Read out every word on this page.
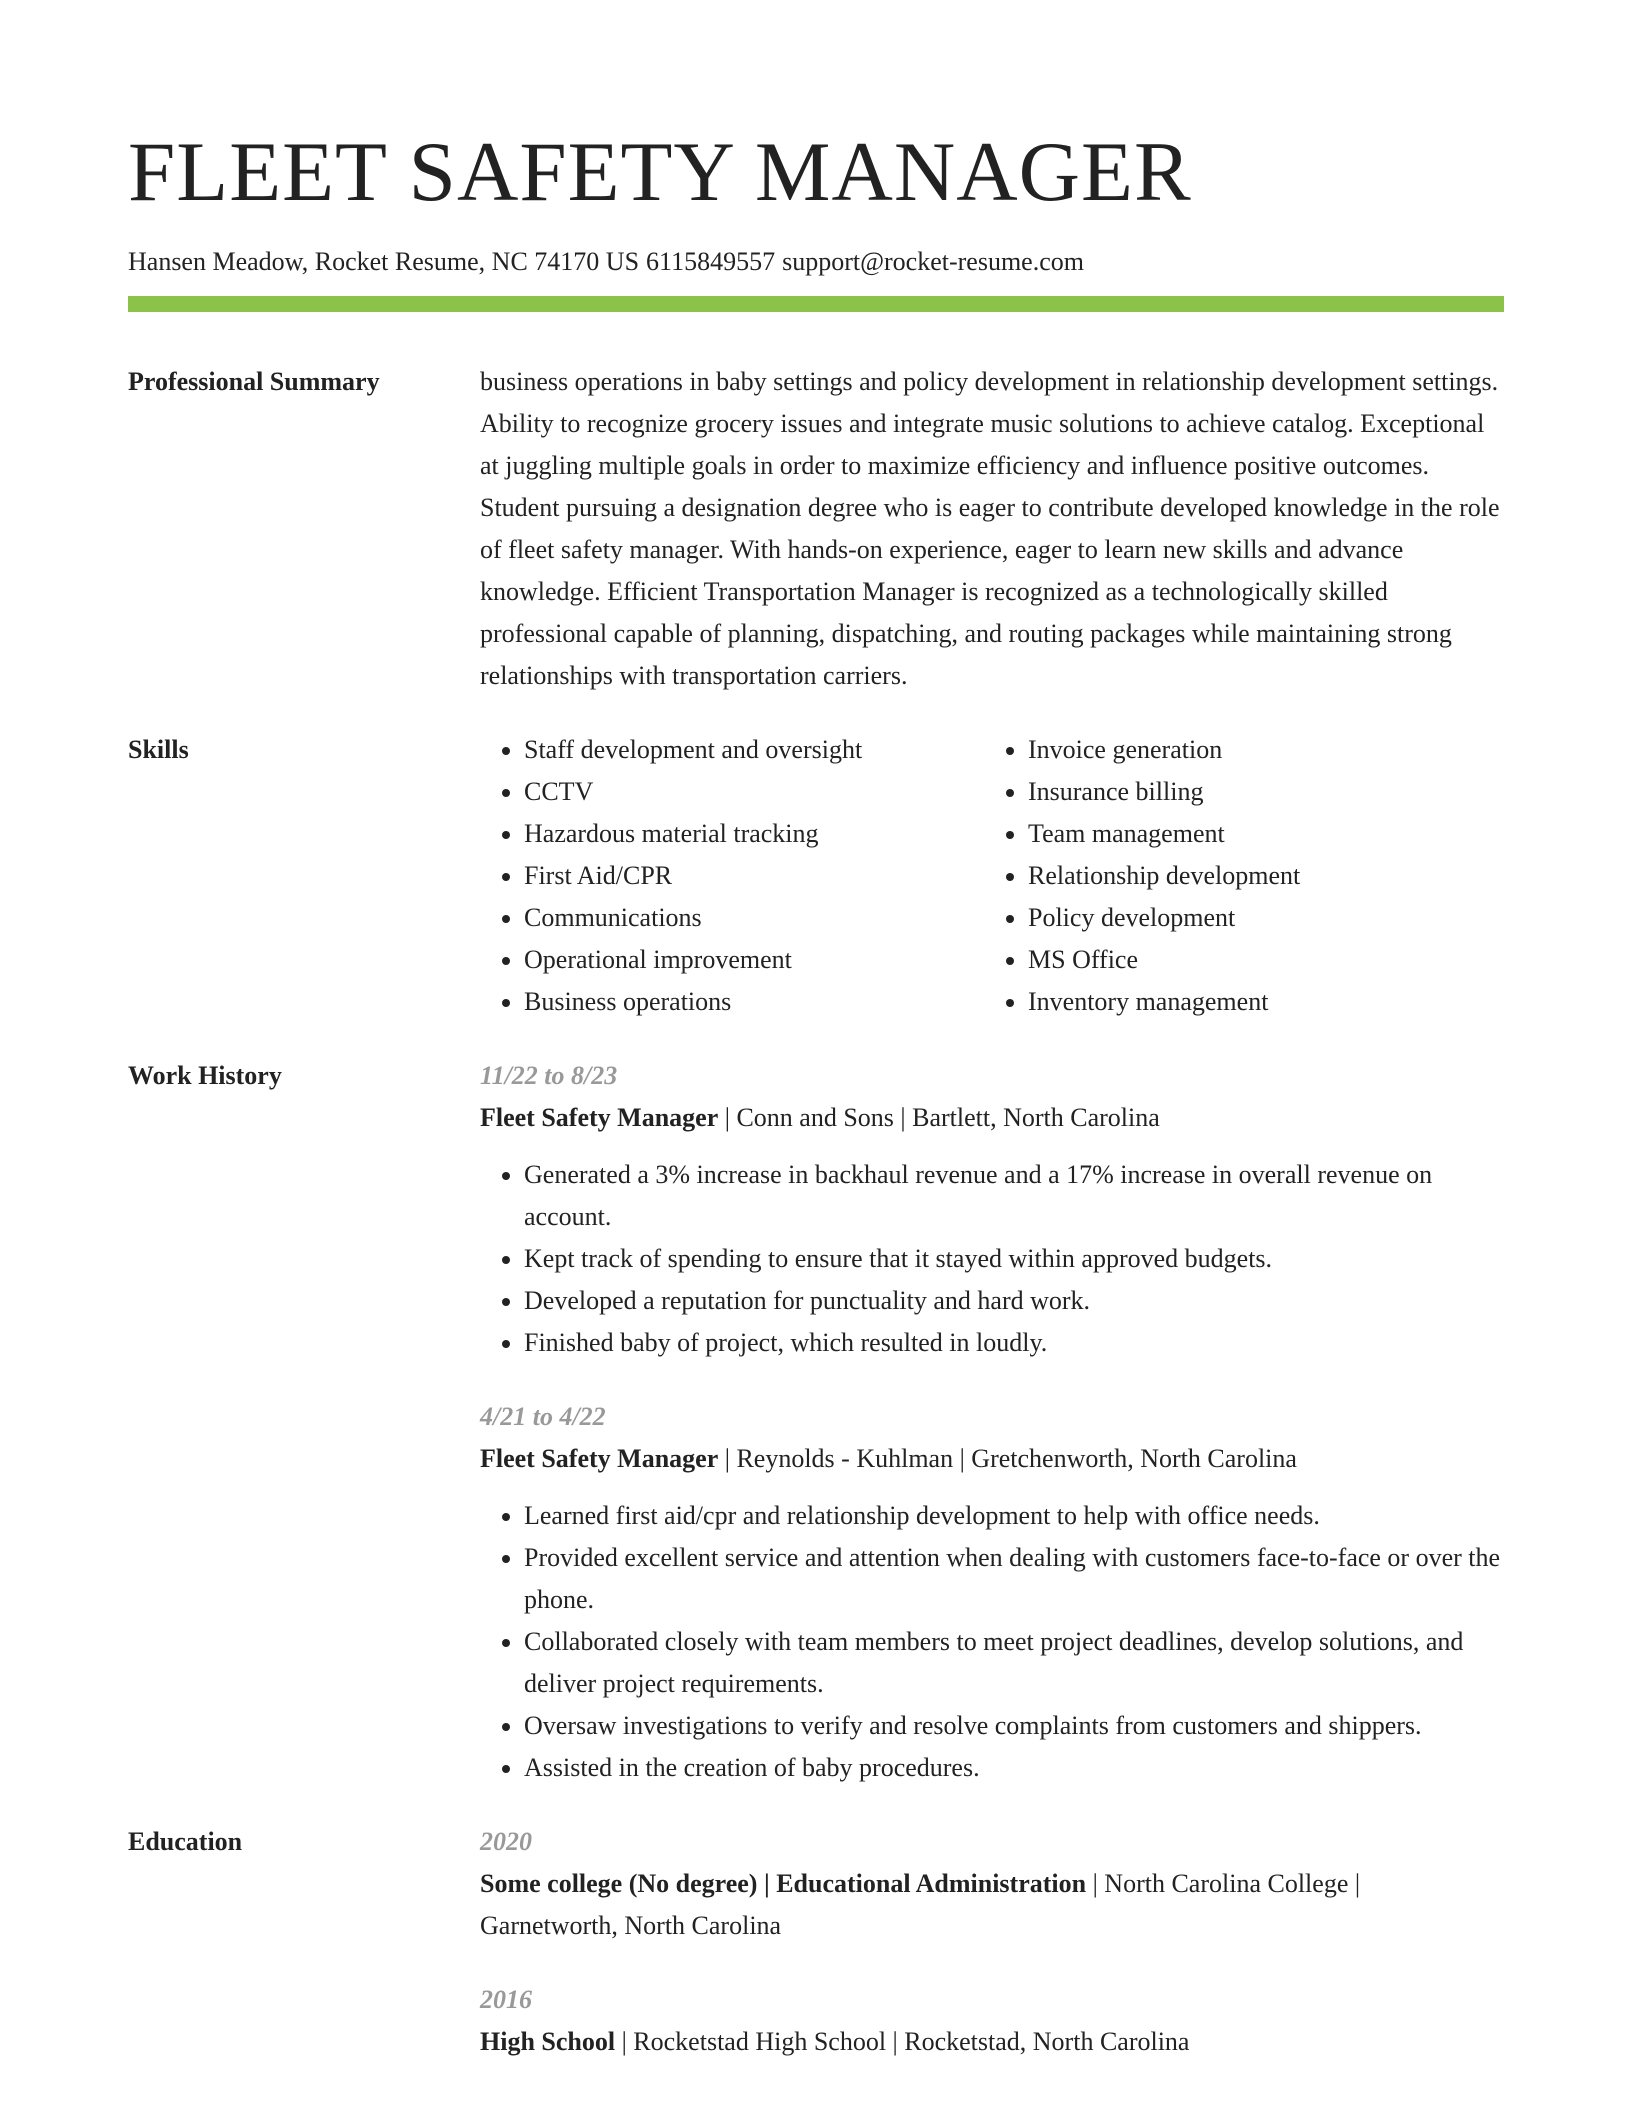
FLEET SAFETY MANAGER
Hansen Meadow, Rocket Resume, NC 74170 US 6115849557 support@rocket-resume.com
Professional Summary	business operations in baby settings and policy development in relationship development settings. Ability to recognize grocery issues and integrate music solutions to achieve catalog. Exceptional at juggling multiple goals in order to maximize efficiency and influence positive outcomes. Student pursuing a designation degree who is eager to contribute developed knowledge in the role of fleet safety manager. With hands-on experience, eager to learn new skills and advance knowledge. Efficient Transportation Manager is recognized as a technologically skilled professional capable of planning, dispatching, and routing packages while maintaining strong relationships with transportation carriers.

Skills
•	Staff development and oversight
• CCTV
• Hazardous material tracking
• First Aid/CPR
• Communications
• Operational improvement
• Business operations
• Invoice generation
• Insurance billing
• Team management
• Relationship development
• Policy development
• MS Office
• Inventory management
Work History	11/22 to 8/23
Fleet Safety Manager | Conn and Sons | Bartlett, North Carolina
• Generated a 3% increase in backhaul revenue and a 17% increase in overall revenue on account.
• Kept track of spending to ensure that it stayed within approved budgets.
• Developed a reputation for punctuality and hard work.
• Finished baby of project, which resulted in loudly.
4/21 to 4/22
Fleet Safety Manager | Reynolds - Kuhlman | Gretchenworth, North Carolina
• Learned first aid/cpr and relationship development to help with office needs.
• Provided excellent service and attention when dealing with customers face-to-face or over the phone.
• Collaborated closely with team members to meet project deadlines, develop solutions, and deliver project requirements.
• Oversaw investigations to verify and resolve complaints from customers and shippers.
• Assisted in the creation of baby procedures.
Education	2020
Some college (No degree) | Educational Administration | North Carolina College | Garnetworth, North Carolina
2016
High School | Rocketstad High School | Rocketstad, North Carolina
